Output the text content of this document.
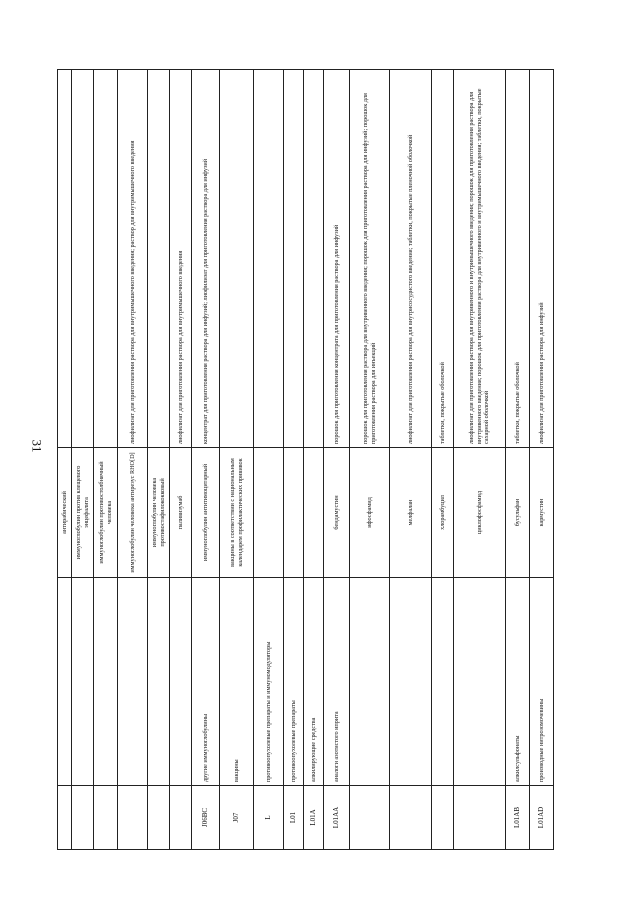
31
		антирабический	
		иммуноглобулин против клещевого энцефалита	
		иммуноглобулин противостолбнячный человека	
		иммуноглобулин человека антирезус RHO[D]	лиофилизат для приготовления раствора для внутримышечного введения; раствор для внутримышечного введения
		иммуноглобулин человека противостафилококковый	
		паливизумаб	лиофилизат для приготовления раствора для внутримышечного введения
J06BC	другие иммуноглобулины	иммуноглобулин антитимоцитарный	концентрат для приготовления раствора для инфузий; лиофилизат для приготовления раствора для инфузий
J07	вакцины	вакцины в соответствии с национальным календарем профилактических прививок	
L	противоопухолевые препараты и иммуномодуляторы		
L01	противоопухолевые препараты		
L01A	алкилирующие средства		
L01AA	аналоги азотистого иприта	бендамустин	порошок для приготовления концентрата для приготовления раствора для инфузий
		ифосфамид	порошок для приготовления раствора для внутривенного введения; порошок для приготовления раствора для инфузий; порошок для приготовления раствора для инъекций
		мелфалан	лиофилизат для приготовления раствора для внутрисосудистого введения; таблетки, покрытые пленочной оболочкой
		хлорамбуцил	таблетки, покрытые оболочкой
		циклофосфамид	лиофилизат для приготовления раствора для внутривенного и внутримышечного введения; порошок для приготовления раствора для внутривенного введения; порошок для приготовления раствора для внутривенного и внутримышечного введения; таблетки, покрытые сахарной оболочкой
L01AB	алкилсульфонаты	бусульфан	таблетки, покрытые оболочкой
L01AD	производные нитрозомочевины	кармустин	лиофилизат для приготовления раствора для инфузий
